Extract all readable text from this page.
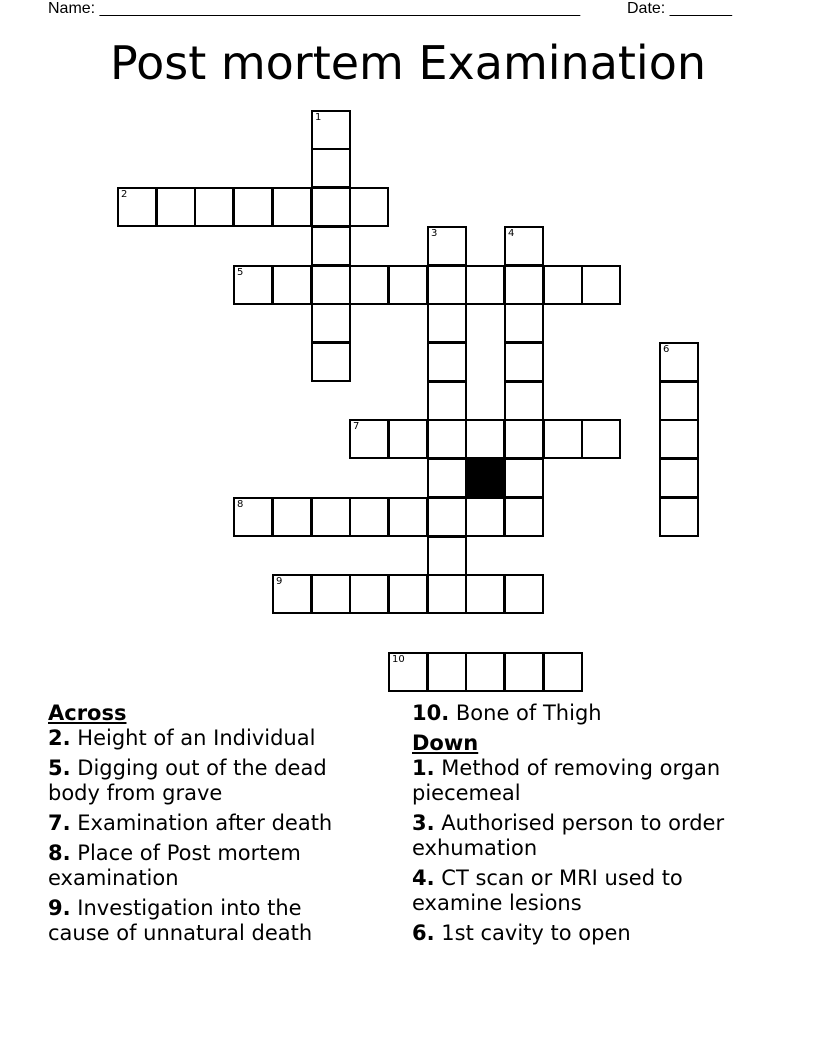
Name: ______________________________________________________	Date: _______
Post mortem Examination
1
2
5
3	4
6
7
8
9
10
Across
2. Height of an Individual
5. Digging out of the dead body from grave
7. Examination after death
8. Place of Post mortem examination
9. Investigation into the cause of unnatural death
10. Bone of Thigh
Down
1. Method of removing organ piecemeal
3. Authorised person to order exhumation
4. CT scan or MRI used to examine lesions
6. 1st cavity to open
